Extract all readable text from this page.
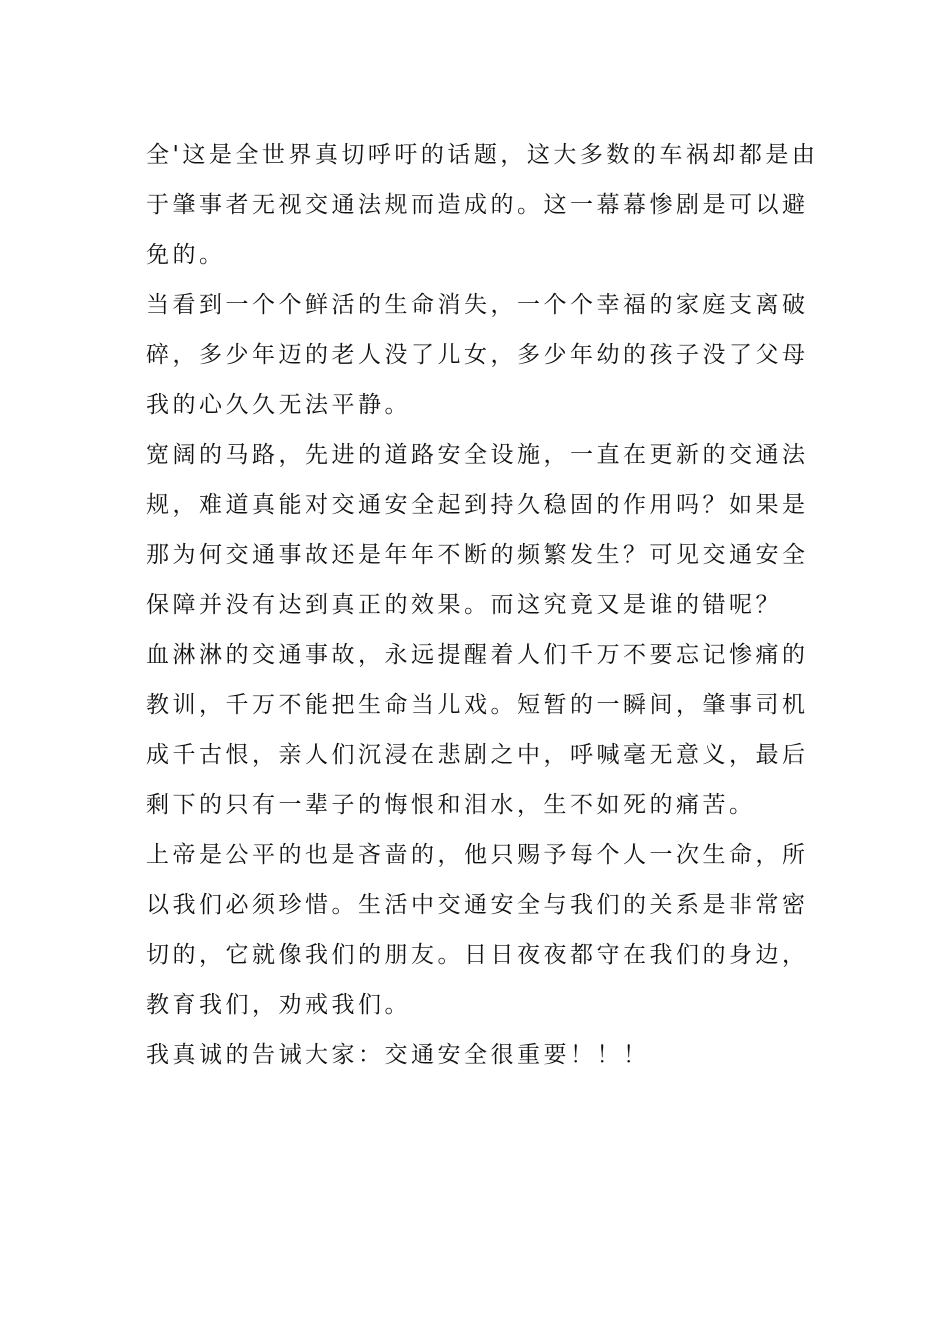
全'这是全世界真切呼吁的话题，这大多数的车祸却都是由

于肇事者无视交通法规而造成的。这一幕幕惨剧是可以避

免的。

当看到一个个鲜活的生命消失，一个个幸福的家庭支离破

碎，多少年迈的老人没了儿女，多少年幼的孩子没了父母

我的心久久无法平静。

宽阔的马路，先进的道路安全设施，一直在更新的交通法

规，难道真能对交通安全起到持久稳固的作用吗？如果是

那为何交通事故还是年年不断的频繁发生？可见交通安全

保障并没有达到真正的效果。而这究竟又是谁的错呢？

血淋淋的交通事故，永远提醒着人们千万不要忘记惨痛的

教训，千万不能把生命当儿戏。短暂的一瞬间，肇事司机

成千古恨，亲人们沉浸在悲剧之中，呼喊毫无意义，最后

剩下的只有一辈子的悔恨和泪水，生不如死的痛苦。

上帝是公平的也是吝啬的，他只赐予每个人一次生命，所

以我们必须珍惜。生活中交通安全与我们的关系是非常密

切的，它就像我们的朋友。日日夜夜都守在我们的身边，

教育我们，劝戒我们。

我真诚的告诫大家：交通安全很重要！！！
